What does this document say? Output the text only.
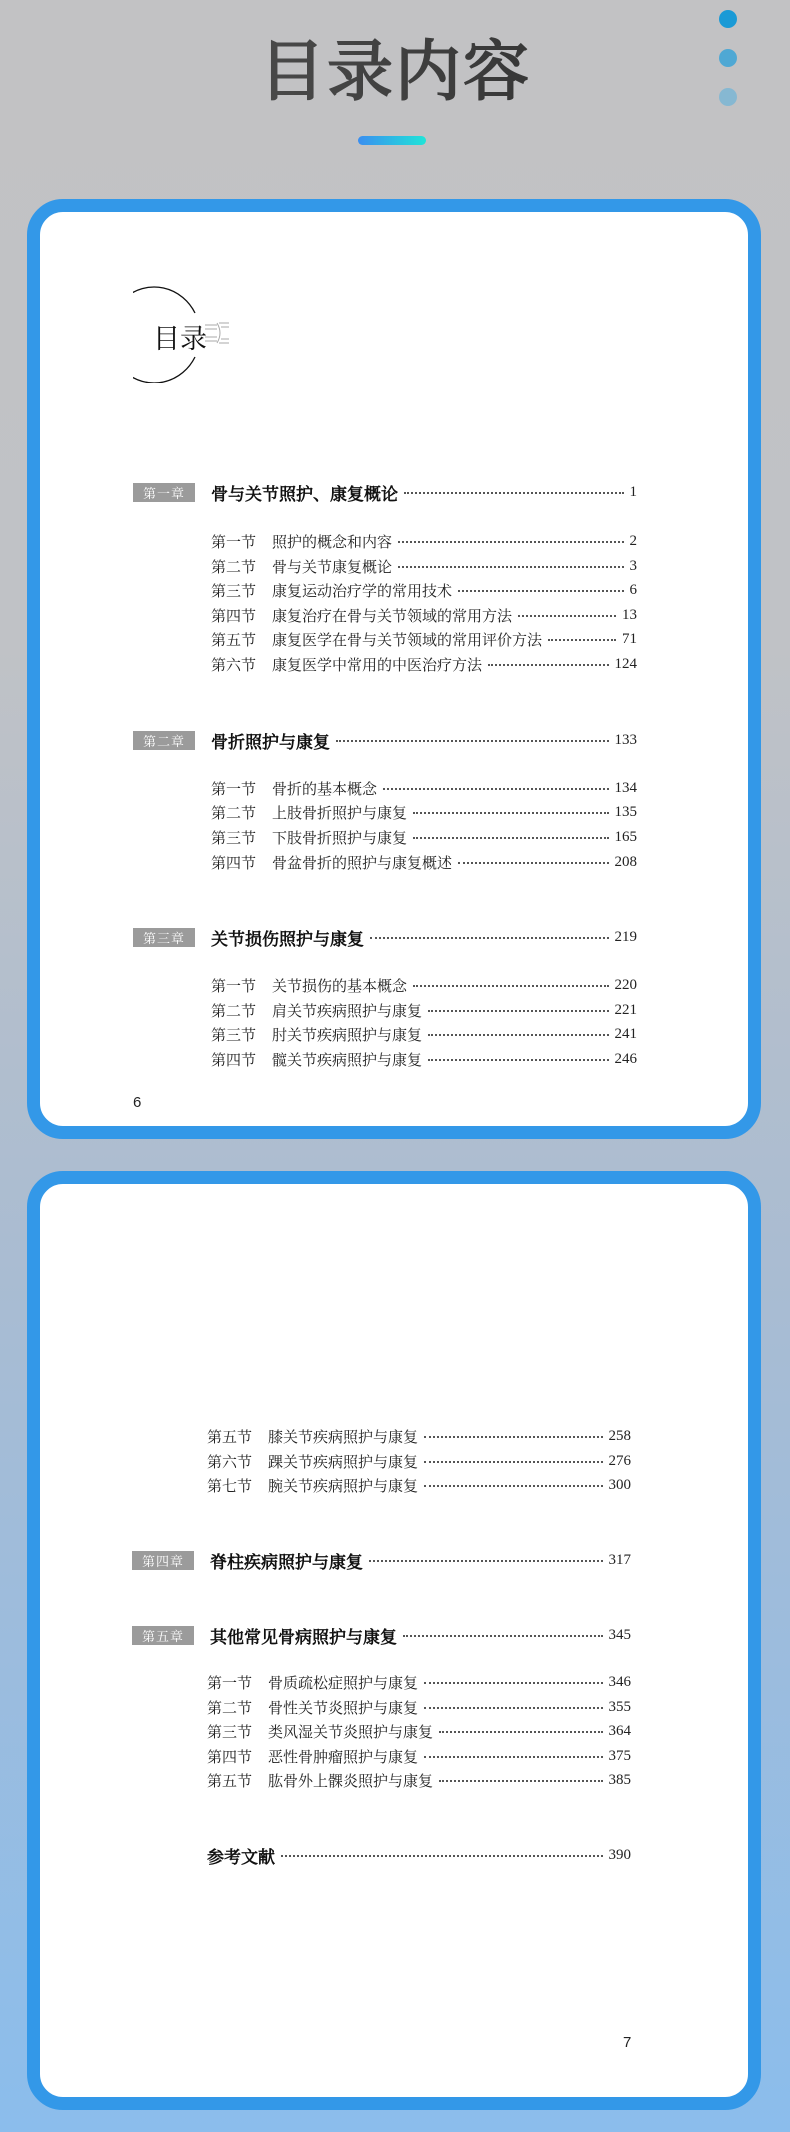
目录内容
目录
第一章	骨与关节照护、康复概论	1
第一节	照护的概念和内容	2
第二节	骨与关节康复概论	3
第三节	康复运动治疗学的常用技术	6
第四节	康复治疗在骨与关节领域的常用方法	13
第五节	康复医学在骨与关节领域的常用评价方法	71
第六节	康复医学中常用的中医治疗方法	124
第二章	骨折照护与康复	133
第一节	骨折的基本概念	134
第二节	上肢骨折照护与康复	135
第三节	下肢骨折照护与康复	165
第四节	骨盆骨折的照护与康复概述	208
第三章	关节损伤照护与康复	219
第一节	关节损伤的基本概念	220
第二节	肩关节疾病照护与康复	221
第三节	肘关节疾病照护与康复	241
第四节	髋关节疾病照护与康复	246
第五节	膝关节疾病照护与康复	258
第六节	踝关节疾病照护与康复	276
第七节	腕关节疾病照护与康复	300
第四章	脊柱疾病照护与康复	317
第五章	其他常见骨病照护与康复	345
第一节	骨质疏松症照护与康复	346
第二节	骨性关节炎照护与康复	355
第三节	类风湿关节炎照护与康复	364
第四节	恶性骨肿瘤照护与康复	375
第五节	肱骨外上髁炎照护与康复	385
参考文献	390
6
7
